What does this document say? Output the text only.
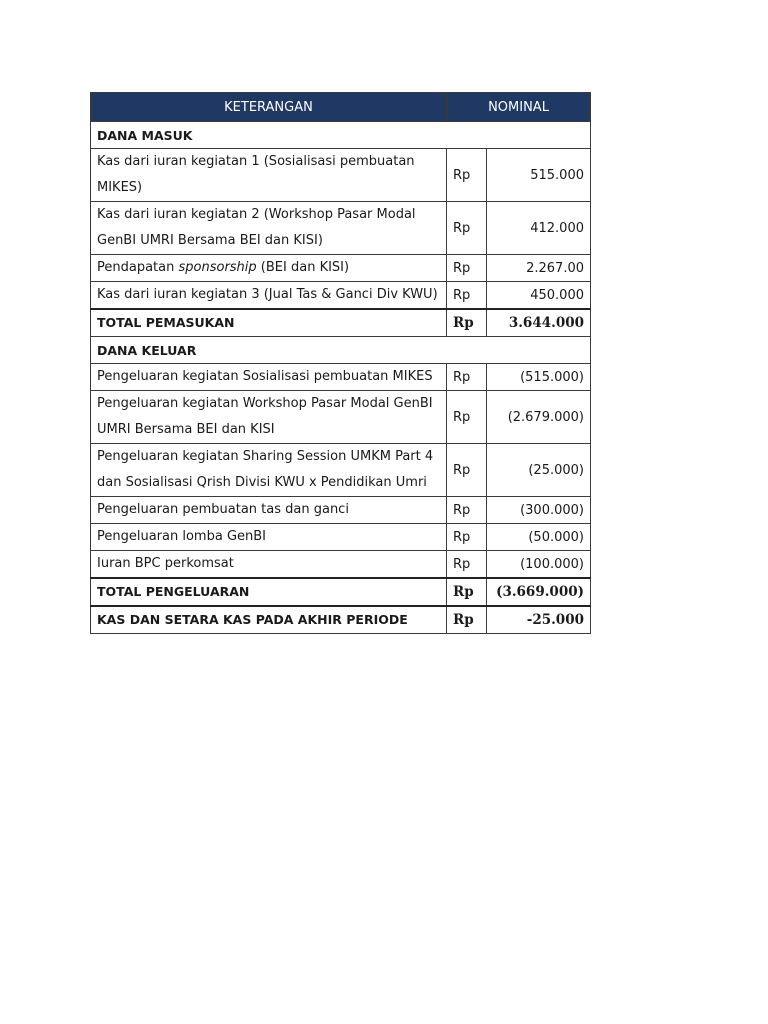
KETERANGAN	NOMINAL	
DANA MASUK		
Kas dari iuran kegiatan 1 (Sosialisasi pembuatan MIKES)	Rp	515.000
Kas dari iuran kegiatan 2 (Workshop Pasar Modal GenBI UMRI Bersama BEI dan KISI)	Rp	412.000
Pendapatan sponsorship (BEI dan KISI)	Rp	2.267.00
Kas dari iuran kegiatan 3 (Jual Tas & Ganci Div KWU)	Rp	450.000
TOTAL PEMASUKAN	Rp	3.644.000
DANA KELUAR		
Pengeluaran kegiatan Sosialisasi pembuatan MIKES	Rp	(515.000)
Pengeluaran kegiatan Workshop Pasar Modal GenBI UMRI Bersama BEI dan KISI	Rp	(2.679.000)
Pengeluaran kegiatan Sharing Session UMKM Part 4 dan Sosialisasi Qrish Divisi KWU x Pendidikan Umri	Rp	(25.000)
Pengeluaran pembuatan tas dan ganci	Rp	(300.000)
Pengeluaran lomba GenBI	Rp	(50.000)
Iuran BPC perkomsat	Rp	(100.000)
TOTAL PENGELUARAN	Rp	(3.669.000)
KAS DAN SETARA KAS PADA AKHIR PERIODE	Rp	-25.000
